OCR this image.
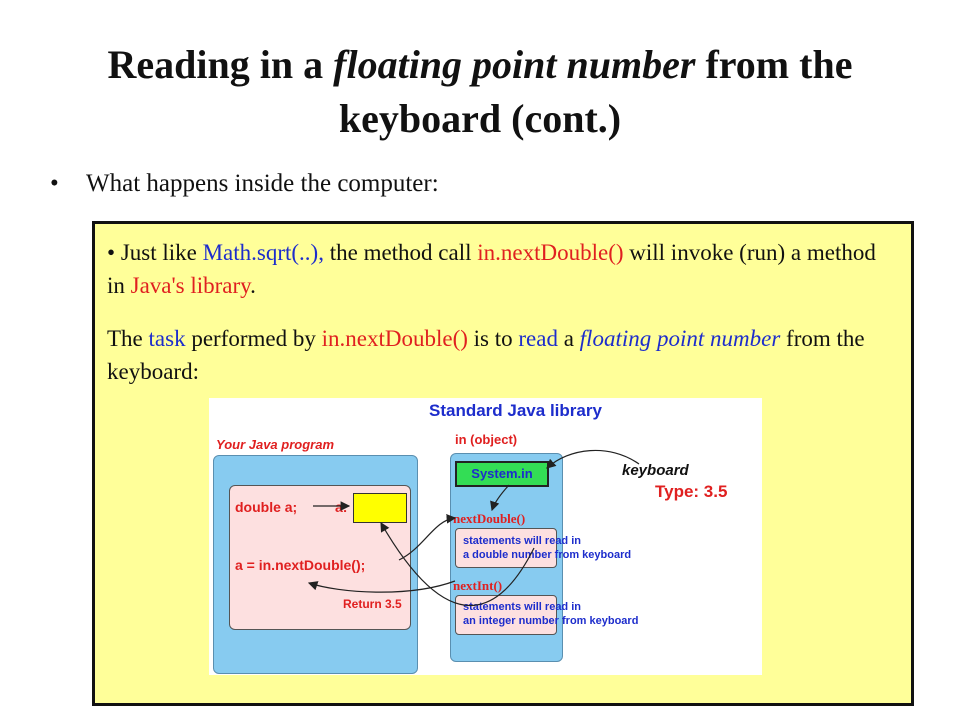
Reading in a floating point number from the
keyboard (cont.)
• What happens inside the computer:
• Just like Math.sqrt(..), the method call in.nextDouble() will invoke (run) a method in Java's library.
The task performed by in.nextDouble() is to read a floating point number from the keyboard:
Standard Java library
Your Java program
double a;	a:
a = in.nextDouble();
Return 3.5
in (object)
System.in
nextDouble()
statements will read in
a double number from keyboard
nextInt()
statements will read in
an integer number from keyboard
keyboard
Type: 3.5
